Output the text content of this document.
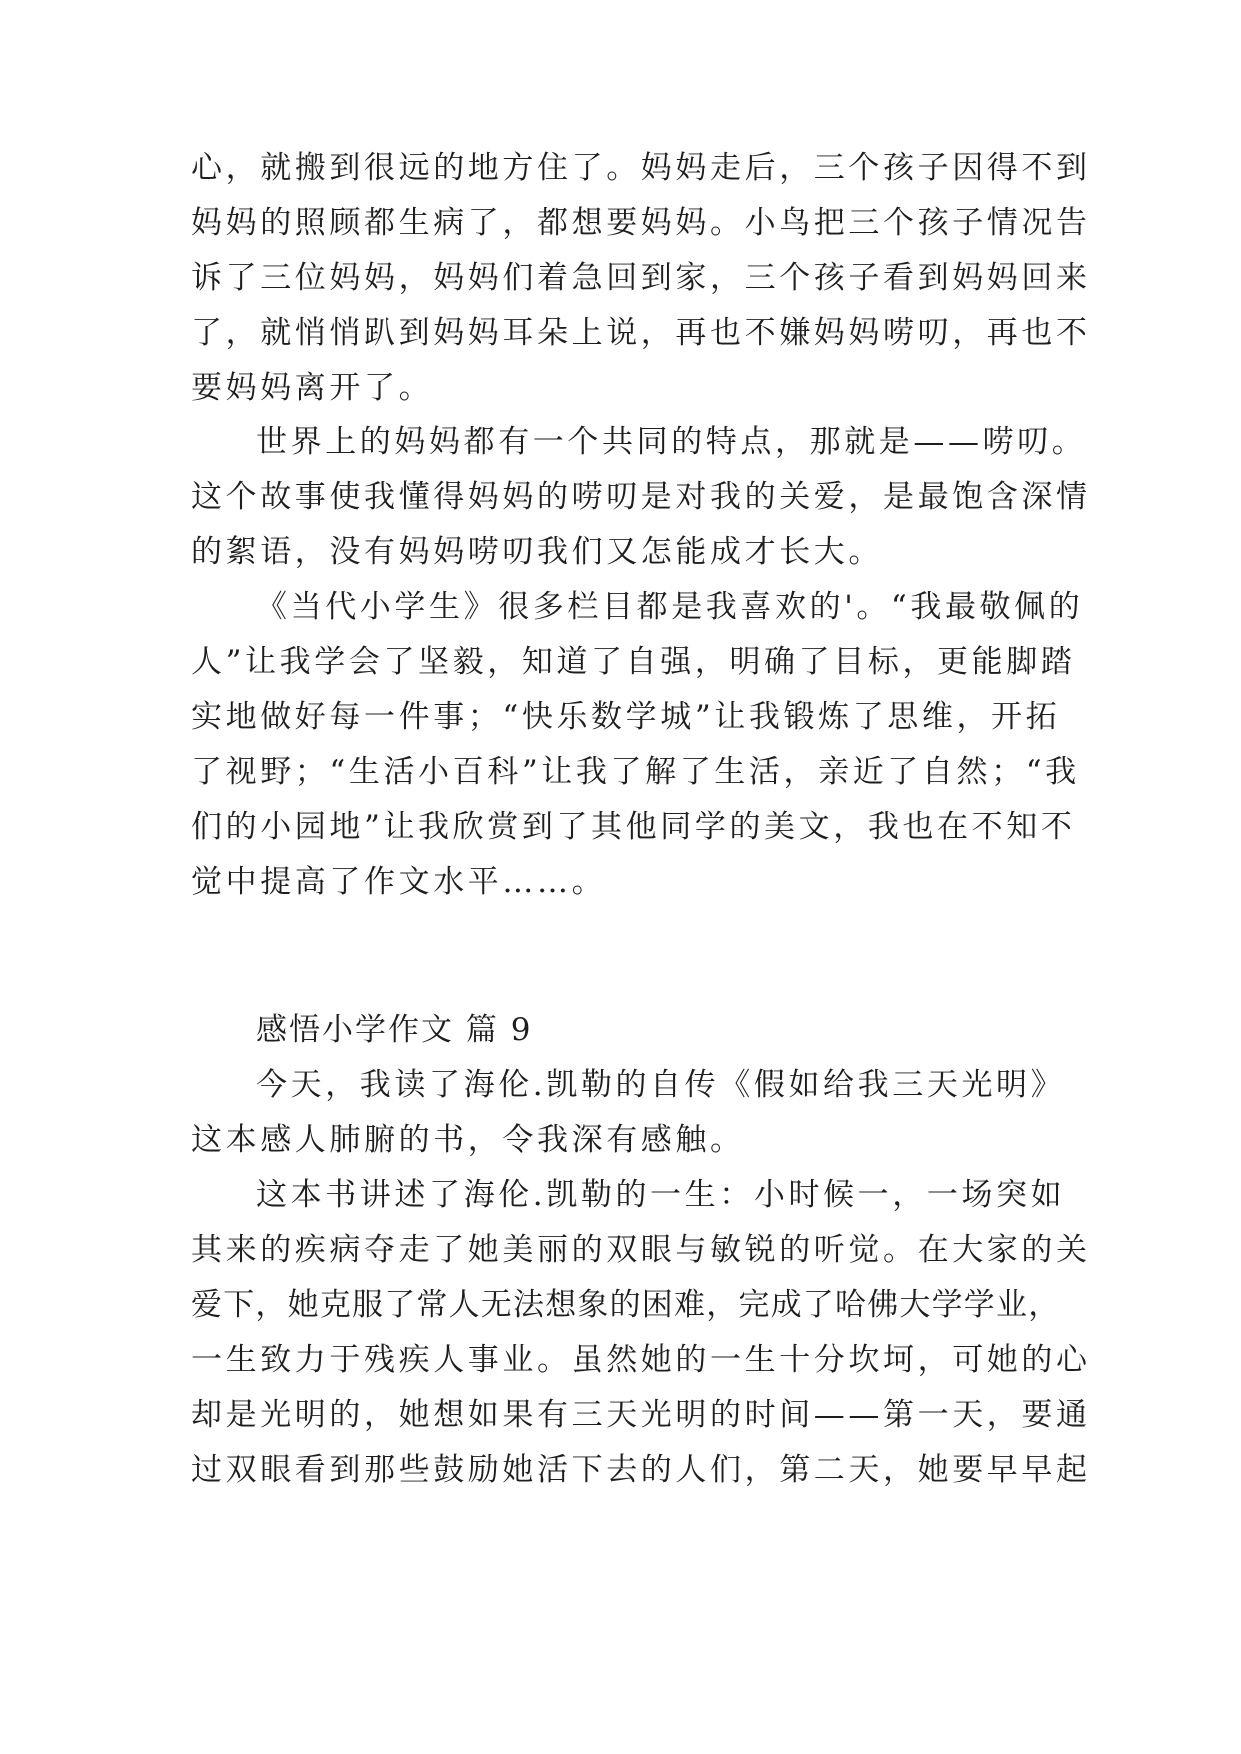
心，就搬到很远的地方住了。妈妈走后，三个孩子因得不到

妈妈的照顾都生病了，都想要妈妈。小鸟把三个孩子情况告

诉了三位妈妈，妈妈们着急回到家，三个孩子看到妈妈回来

了，就悄悄趴到妈妈耳朵上说，再也不嫌妈妈唠叨，再也不

要妈妈离开了。

世界上的妈妈都有一个共同的特点，那就是——唠叨。

这个故事使我懂得妈妈的唠叨是对我的关爱，是最饱含深情

的絮语，没有妈妈唠叨我们又怎能成才长大。

《当代小学生》很多栏目都是我喜欢的'。“我最敬佩的

人”让我学会了坚毅，知道了自强，明确了目标，更能脚踏

实地做好每一件事；“快乐数学城”让我锻炼了思维，开拓

了视野；“生活小百科”让我了解了生活，亲近了自然；“我

们的小园地”让我欣赏到了其他同学的美文，我也在不知不

觉中提高了作文水平……。

感悟小学作文 篇 9

今天，我读了海伦.凯勒的自传《假如给我三天光明》

这本感人肺腑的书，令我深有感触。

这本书讲述了海伦.凯勒的一生：小时候一，一场突如

其来的疾病夺走了她美丽的双眼与敏锐的听觉。在大家的关

爱下，她克服了常人无法想象的困难，完成了哈佛大学学业，

一生致力于残疾人事业。虽然她的一生十分坎坷，可她的心

却是光明的，她想如果有三天光明的时间——第一天，要通

过双眼看到那些鼓励她活下去的人们，第二天，她要早早起
